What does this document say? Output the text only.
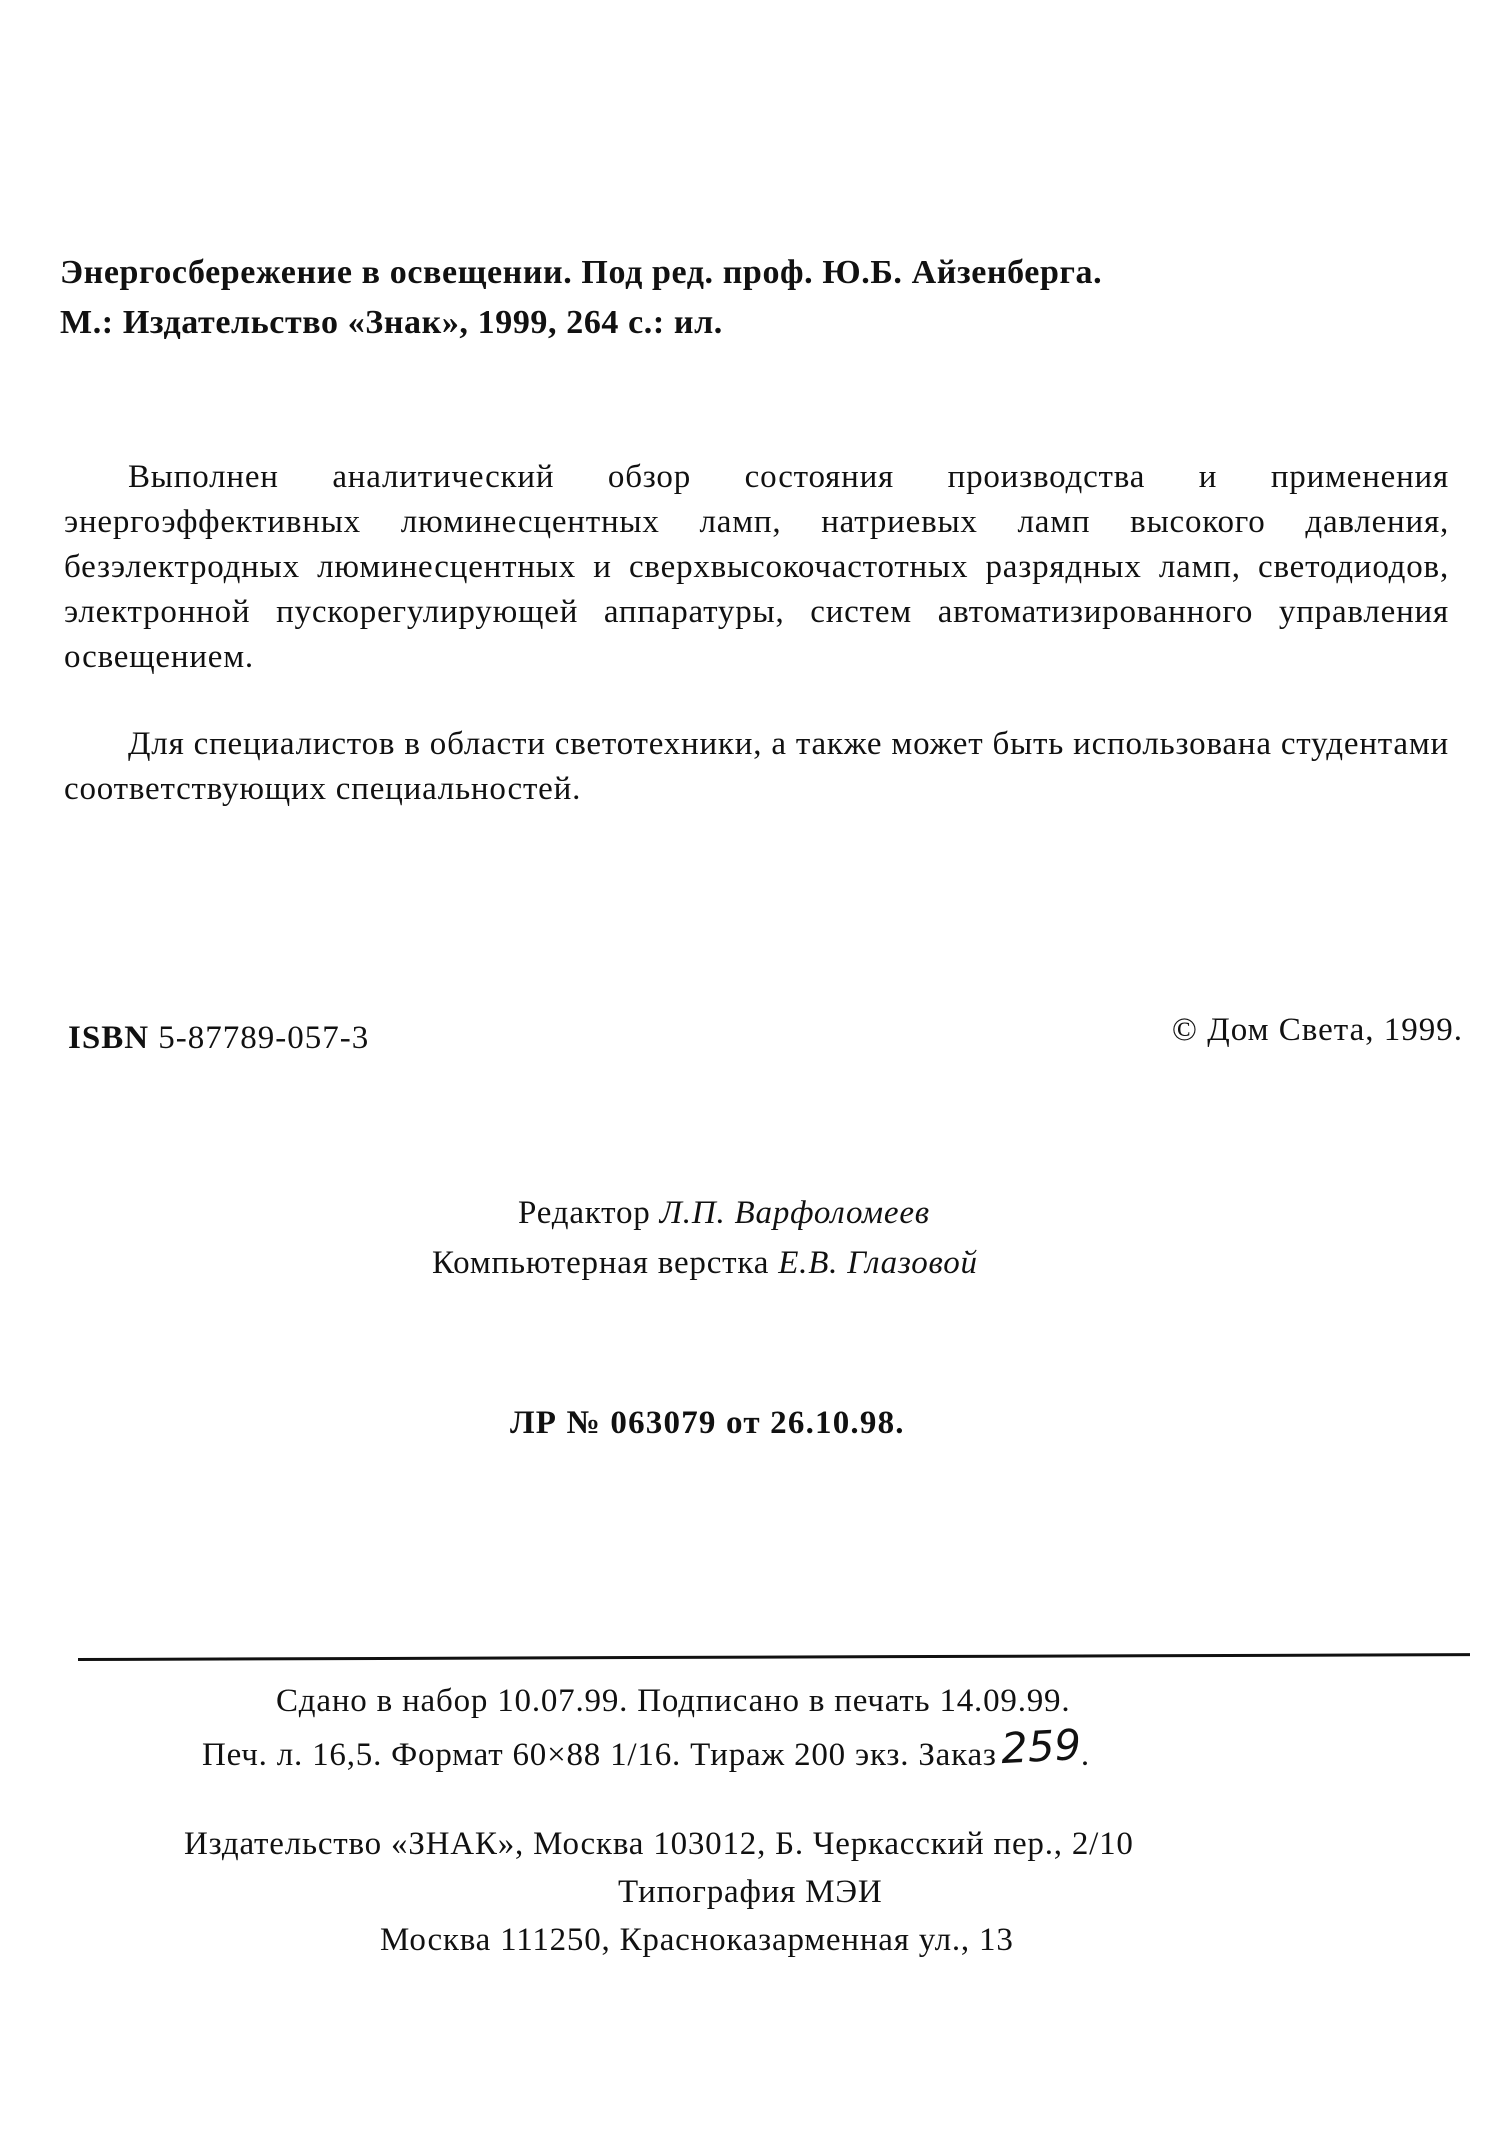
Энергосбережение в освещении. Под ред. проф. Ю.Б. Айзенберга.
М.: Издательство «Знак», 1999, 264 с.: ил.

Выполнен аналитический обзор состояния производства и применения энергоэффективных люминесцентных ламп, натриевых ламп высокого давления, безэлектродных люминесцентных и сверхвысокочастотных разрядных ламп, светодиодов, электронной пускорегулирующей аппаратуры, систем автоматизированного управления освещением.

Для специалистов в области светотехники, а также может быть использована студентами соответствующих специальностей.

ISBN 5-87789-057-3	© Дом Света, 1999.
Редактор Л.П. Варфоломеев
Компьютерная верстка Е.В. Глазовой
ЛР № 063079 от 26.10.98.
Сдано в набор 10.07.99. Подписано в печать 14.09.99.
Печ. л. 16,5. Формат 60×88 1/16. Тираж 200 экз. Заказ259.
Издательство «ЗНАК», Москва 103012, Б. Черкасский пер., 2/10
Типография МЭИ
Москва 111250, Красноказарменная ул., 13
